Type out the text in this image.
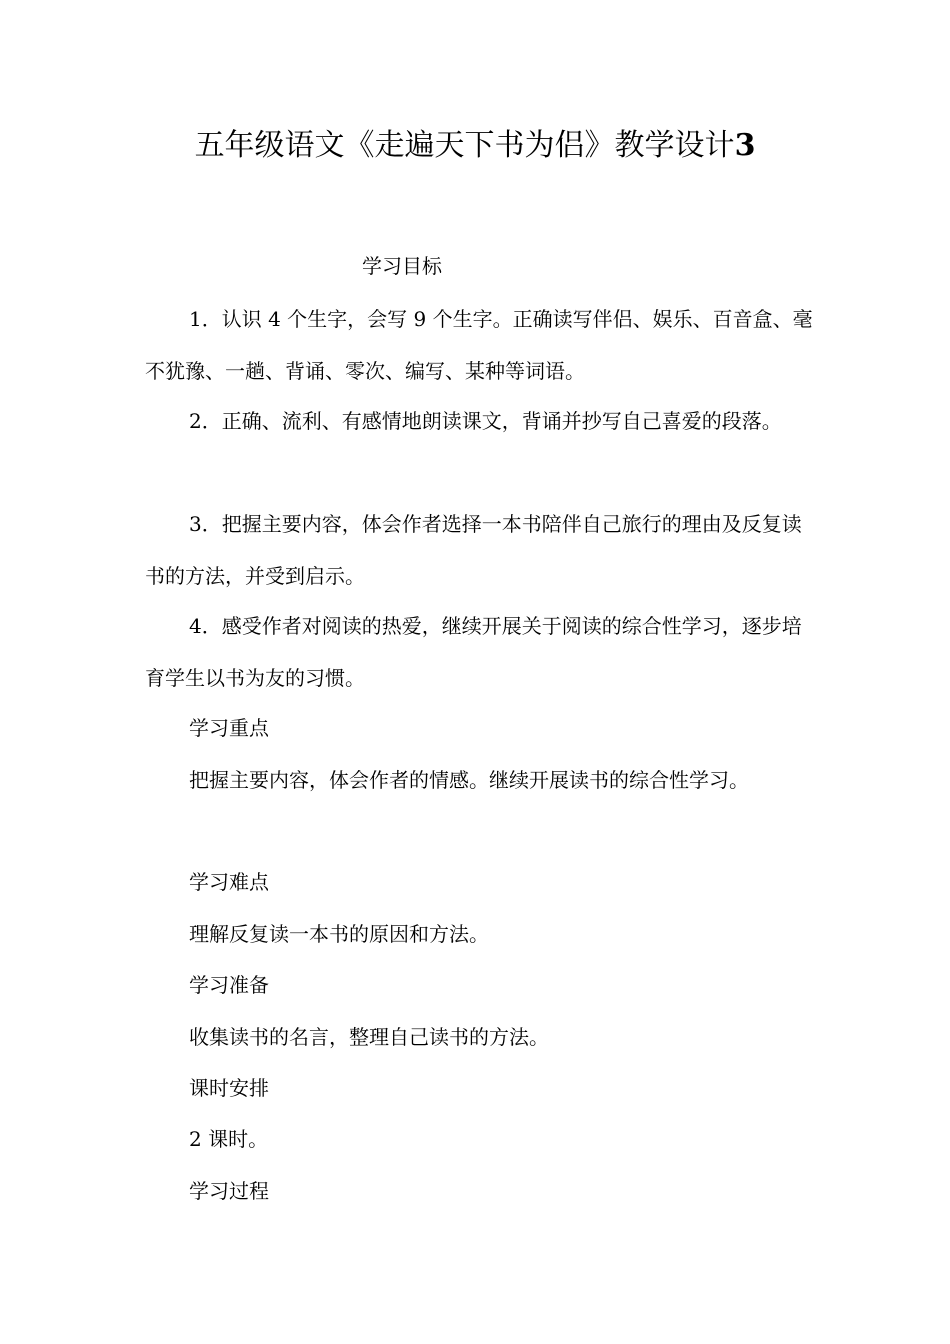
五年级语文《走遍天下书为侣》教学设计3
学习目标

1．认识 4 个生字，会写 9 个生字。正确读写伴侣、娱乐、百音盒、毫不犹豫、一趟、背诵、零次、编写、某种等词语。

2．正确、流利、有感情地朗读课文，背诵并抄写自己喜爱的段落。

3．把握主要内容，体会作者选择一本书陪伴自己旅行的理由及反复读书的方法，并受到启示。

4．感受作者对阅读的热爱，继续开展关于阅读的综合性学习，逐步培育学生以书为友的习惯。

学习重点

把握主要内容，体会作者的情感。继续开展读书的综合性学习。

学习难点
理解反复读一本书的原因和方法。
学习准备
收集读书的名言，整理自己读书的方法。
课时安排
2 课时。
学习过程
